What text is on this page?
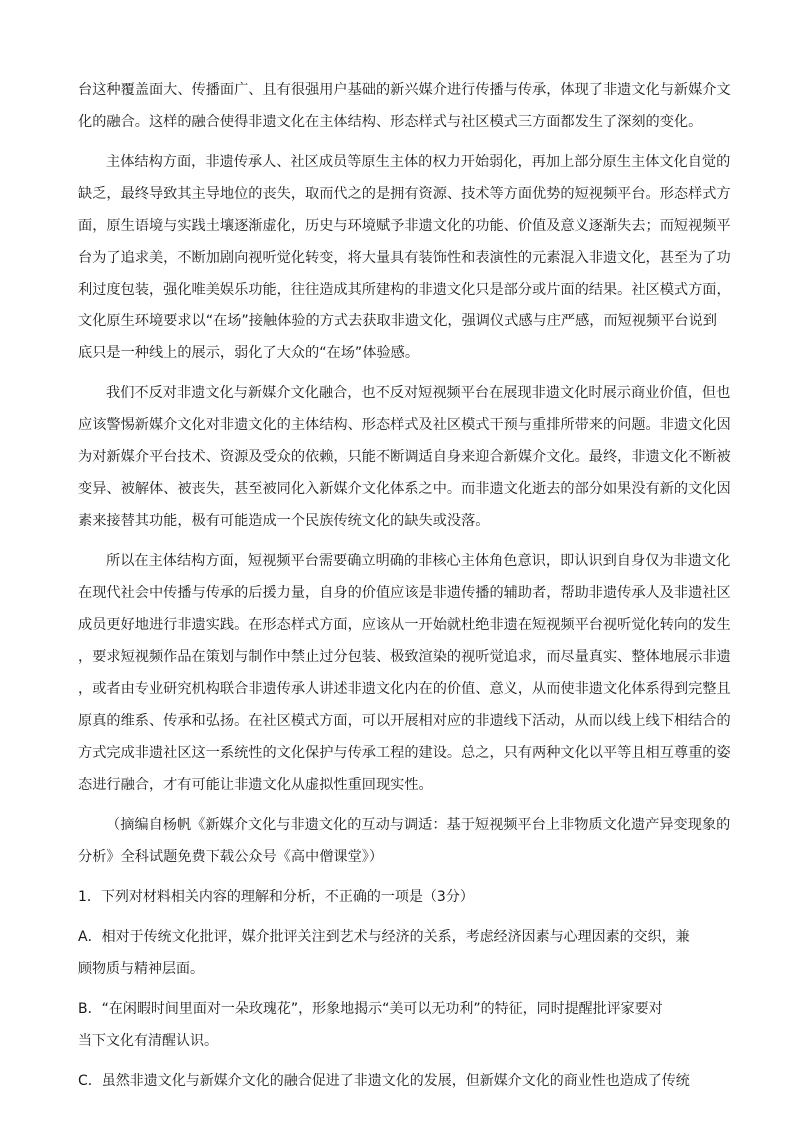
台这种覆盖面大、传播面广、且有很强用户基础的新兴媒介进行传播与传承，体现了非遗文化与新媒介文

化的融合。这样的融合使得非遗文化在主体结构、形态样式与社区模式三方面都发生了深刻的变化。

主体结构方面，非遗传承人、社区成员等原生主体的权力开始弱化，再加上部分原生主体文化自觉的

缺乏，最终导致其主导地位的丧失，取而代之的是拥有资源、技术等方面优势的短视频平台。形态样式方

面，原生语境与实践土壤逐渐虚化，历史与环境赋予非遗文化的功能、价值及意义逐渐失去；而短视频平

台为了追求美，不断加剧向视听觉化转变，将大量具有装饰性和表演性的元素混入非遗文化，甚至为了功

利过度包装，强化唯美娱乐功能，往往造成其所建构的非遗文化只是部分或片面的结果。社区模式方面，

文化原生环境要求以“在场”接触体验的方式去获取非遗文化，强调仪式感与庄严感，而短视频平台说到

底只是一种线上的展示，弱化了大众的“在场”体验感。

我们不反对非遗文化与新媒介文化融合，也不反对短视频平台在展现非遗文化时展示商业价值，但也

应该警惕新媒介文化对非遗文化的主体结构、形态样式及社区模式干预与重排所带来的问题。非遗文化因

为对新媒介平台技术、资源及受众的依赖，只能不断调适自身来迎合新媒介文化。最终，非遗文化不断被

变异、被解体、被丧失，甚至被同化入新媒介文化体系之中。而非遗文化逝去的部分如果没有新的文化因

素来接替其功能，极有可能造成一个民族传统文化的缺失或没落。

所以在主体结构方面，短视频平台需要确立明确的非核心主体角色意识，即认识到自身仅为非遗文化

在现代社会中传播与传承的后援力量，自身的价值应该是非遗传播的辅助者，帮助非遗传承人及非遗社区

成员更好地进行非遗实践。在形态样式方面，应该从一开始就杜绝非遗在短视频平台视听觉化转向的发生

，要求短视频作品在策划与制作中禁止过分包装、极致渲染的视听觉追求，而尽量真实、整体地展示非遗

，或者由专业研究机构联合非遗传承人讲述非遗文化内在的价值、意义，从而使非遗文化体系得到完整且

原真的维系、传承和弘扬。在社区模式方面，可以开展相对应的非遗线下活动，从而以线上线下相结合的

方式完成非遗社区这一系统性的文化保护与传承工程的建设。总之，只有两种文化以平等且相互尊重的姿

态进行融合，才有可能让非遗文化从虚拟性重回现实性。

（摘编自杨帆《新媒介文化与非遗文化的互动与调适：基于短视频平台上非物质文化遗产异变现象的

分析》全科试题免费下载公众号《高中僧课堂》）

1．下列对材料相关内容的理解和分析，不正确的一项是（3分）

A．相对于传统文化批评，媒介批评关注到艺术与经济的关系，考虑经济因素与心理因素的交织，兼

顾物质与精神层面。

B．“在闲暇时间里面对一朵玫瑰花”，形象地揭示“美可以无功利”的特征，同时提醒批评家要对

当下文化有清醒认识。

C．虽然非遗文化与新媒介文化的融合促进了非遗文化的发展，但新媒介文化的商业性也造成了传统
